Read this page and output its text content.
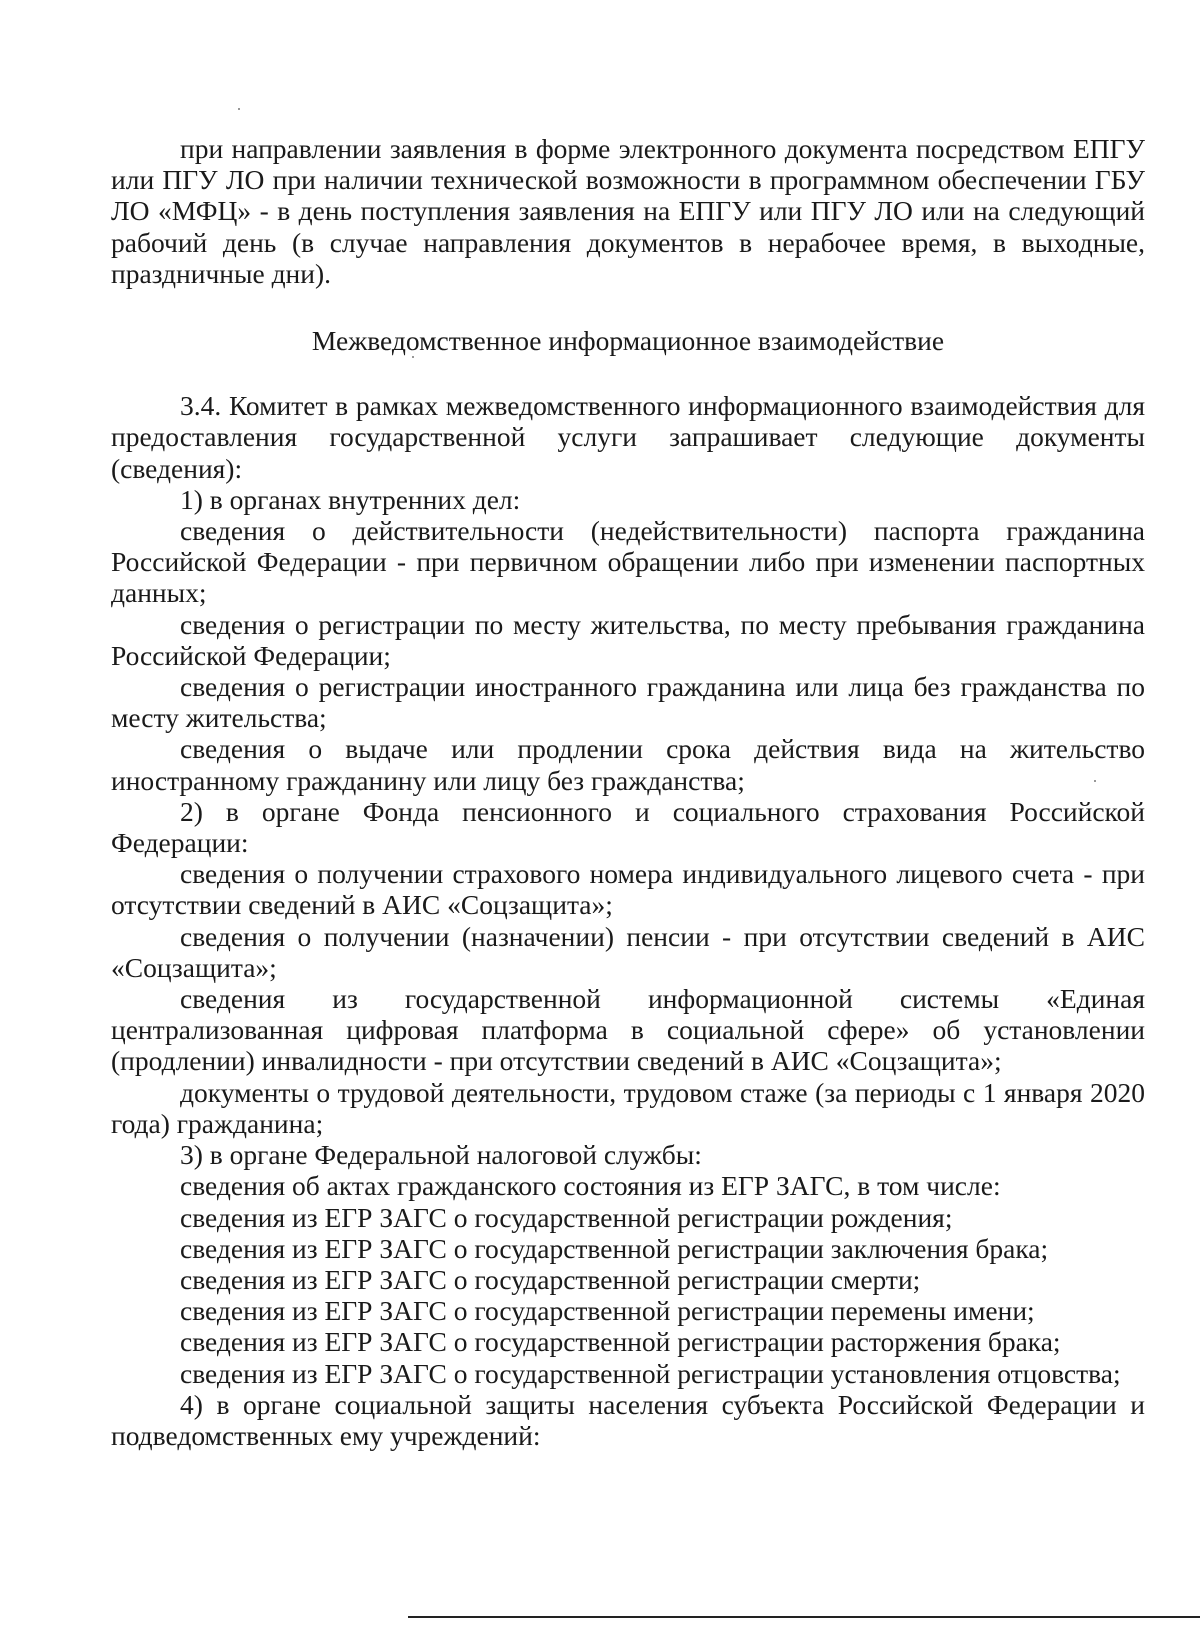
при направлении заявления в форме электронного документа посредством ЕПГУ или ПГУ ЛО при наличии технической возможности в программном обеспечении ГБУ ЛО «МФЦ» - в день поступления заявления на ЕПГУ или ПГУ ЛО или на следующий рабочий день (в случае направления документов в нерабочее время, в выходные, праздничные дни).

Межведомственное информационное взаимодействие

3.4. Комитет в рамках межведомственного информационного взаимодействия для предоставления государственной услуги запрашивает следующие документы (сведения):

1) в органах внутренних дел:

сведения о действительности (недействительности) паспорта гражданина Российской Федерации - при первичном обращении либо при изменении паспортных данных;

сведения о регистрации по месту жительства, по месту пребывания гражданина Российской Федерации;

сведения о регистрации иностранного гражданина или лица без гражданства по месту жительства;

сведения о выдаче или продлении срока действия вида на жительство иностранному гражданину или лицу без гражданства;

2) в органе Фонда пенсионного и социального страхования Российской Федерации:

сведения о получении страхового номера индивидуального лицевого счета - при отсутствии сведений в АИС «Соцзащита»;

сведения о получении (назначении) пенсии - при отсутствии сведений в АИС «Соцзащита»;

сведения из государственной информационной системы «Единая централизованная цифровая платформа в социальной сфере» об установлении (продлении) инвалидности - при отсутствии сведений в АИС «Соцзащита»;

документы о трудовой деятельности, трудовом стаже (за периоды с 1 января 2020 года) гражданина;

3) в органе Федеральной налоговой службы:

сведения об актах гражданского состояния из ЕГР ЗАГС, в том числе:

сведения из ЕГР ЗАГС о государственной регистрации рождения;

сведения из ЕГР ЗАГС о государственной регистрации заключения брака;

сведения из ЕГР ЗАГС о государственной регистрации смерти;

сведения из ЕГР ЗАГС о государственной регистрации перемены имени;

сведения из ЕГР ЗАГС о государственной регистрации расторжения брака;

сведения из ЕГР ЗАГС о государственной регистрации установления отцовства;

4) в органе социальной защиты населения субъекта Российской Федерации и подведомственных ему учреждений:
